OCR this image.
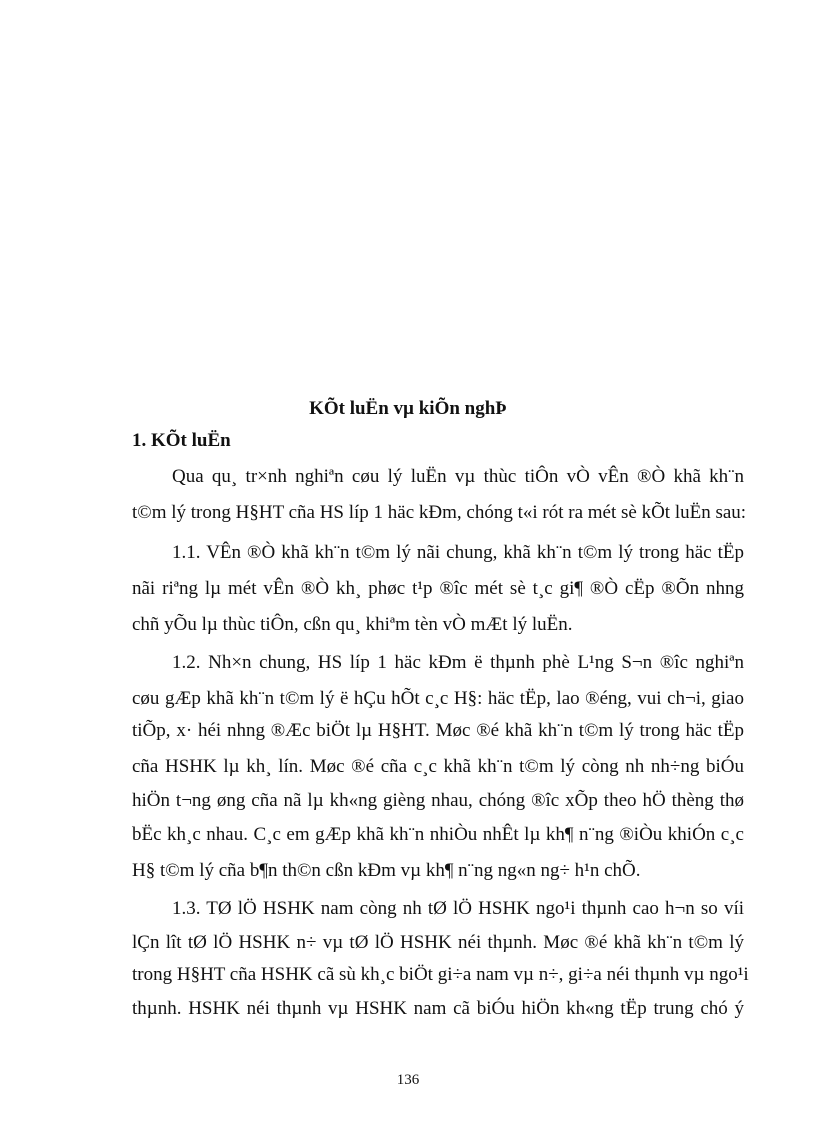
KÕt luËn vµ kiÕn nghÞ
1. KÕt luËn
Qua qu¸ tr×nh nghiªn cøu lý luËn vµ thùc tiÔn vÒ vÊn ®Ò khã kh¨n
t©m lý trong H§HT cña HS líp 1 häc kÐm, chóng t«i rót ra mét sè kÕt luËn sau:
1.1. VÊn ®Ò khã kh¨n t©m lý nãi chung, khã kh¨n t©m lý trong häc tËp
nãi riªng lµ mét vÊn ®Ò kh¸ phøc t¹p ®îc mét sè t¸c gi¶ ®Ò cËp ®Õn nhng
chñ yÕu lµ thùc tiÔn, cßn qu¸ khiªm tèn vÒ mÆt lý luËn.
1.2. Nh×n chung, HS líp 1 häc kÐm ë thµnh phè L¹ng S¬n ®îc nghiªn
cøu gÆp khã kh¨n t©m lý ë hÇu hÕt c¸c H§: häc tËp, lao ®éng, vui ch¬i, giao
tiÕp, x· héi nhng ®Æc biÖt lµ H§HT. Møc ®é khã kh¨n t©m lý trong häc tËp
cña HSHK lµ kh¸ lín. Møc ®é cña c¸c khã kh¨n t©m lý còng nh nh÷ng biÓu
hiÖn t¬ng øng cña nã lµ kh«ng gièng nhau, chóng ®îc xÕp theo hÖ thèng thø
bËc kh¸c nhau. C¸c em gÆp khã kh¨n nhiÒu nhÊt lµ kh¶ n¨ng ®iÒu khiÓn c¸c
H§ t©m lý cña b¶n th©n cßn kÐm vµ kh¶ n¨ng ng«n ng÷ h¹n chÕ.
1.3. TØ lÖ HSHK nam còng nh tØ lÖ HSHK ngo¹i thµnh cao h¬n so víi
lÇn lît tØ lÖ HSHK n÷ vµ tØ lÖ HSHK néi thµnh. Møc ®é khã kh¨n t©m lý
trong H§HT cña HSHK cã sù kh¸c biÖt gi÷a nam vµ n÷, gi÷a néi thµnh vµ ngo¹i
thµnh. HSHK néi thµnh vµ HSHK nam cã biÓu hiÖn kh«ng tËp trung chó ý
136
